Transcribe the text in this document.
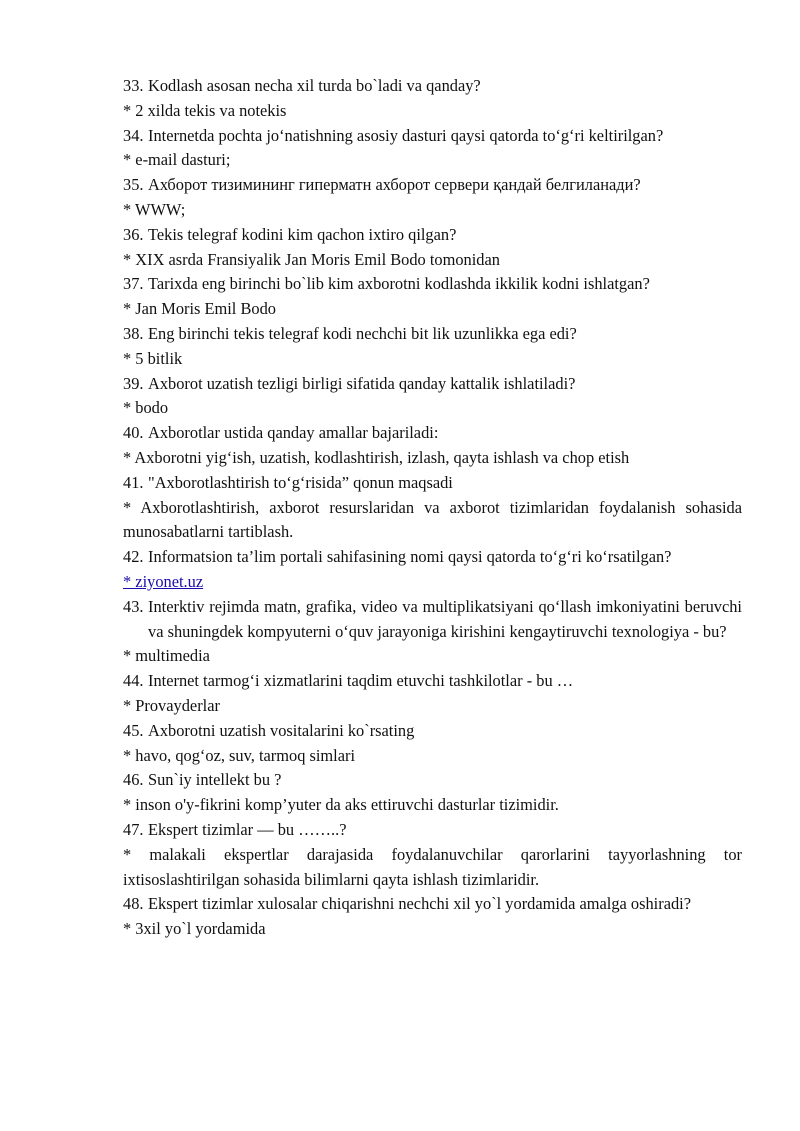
33. Kodlash asosan necha xil turda bo`ladi va qanday?
* 2 xilda tekis va notekis
34. Internetda pochta jo‘natishning asosiy dasturi qaysi qatorda to‘g‘ri keltirilgan?
* e-mail dasturi;
35. Ахборот тизимининг гиперматн ахборот сервери қандай белгиланади?
* WWW;
36. Tekis telegraf kodini kim qachon ixtiro qilgan?
* XIX asrda Fransiyalik Jan Moris Emil Bodo tomonidan
37. Tarixda eng birinchi bo`lib kim axborotni kodlashda ikkilik kodni ishlatgan?
* Jan Moris Emil Bodo
38. Eng birinchi tekis telegraf kodi nechchi bit lik uzunlikka ega edi?
* 5 bitlik
39. Axborot uzatish tezligi birligi sifatida qanday kattalik ishlatiladi?
* bodo
40. Axborotlar ustida qanday amallar bajariladi:
* Axborotni yig‘ish, uzatish, kodlashtirish, izlash, qayta ishlash va chop etish
41. "Axborotlashtirish to‘g‘risida” qonun maqsadi
* Axborotlashtirish, axborot resurslaridan va axborot tizimlaridan foydalanish sohasida munosabatlarni tartiblash.
42. Informatsion ta’lim portali sahifasining nomi qaysi qatorda to‘g‘ri ko‘rsatilgan?
* ziyonet.uz
43. Interktiv rejimda matn, grafika, video va multiplikatsiyani qo‘llash imkoniyatini beruvchi va shuningdek kompyuterni o‘quv jarayoniga kirishini kengaytiruvchi texnologiya - bu?
* multimedia
44. Internet tarmog‘i xizmatlarini taqdim etuvchi tashkilotlar - bu …
* Provayderlar
45. Axborotni uzatish vositalarini ko`rsating
* havo, qog‘oz, suv, tarmoq simlari
46. Sun`iy intellekt bu ?
* inson o'y-fikrini komp’yuter da aks ettiruvchi dasturlar tizimidir.
47. Ekspert tizimlar — bu ……..?
* malakali ekspertlar darajasida foydalanuvchilar qarorlarini tayyorlashning tor ixtisoslashtirilgan sohasida bilimlarni qayta ishlash tizimlaridir.
48. Ekspert tizimlar xulosalar chiqarishni nechchi xil yo`l yordamida amalga oshiradi?
* 3xil yo`l yordamida
